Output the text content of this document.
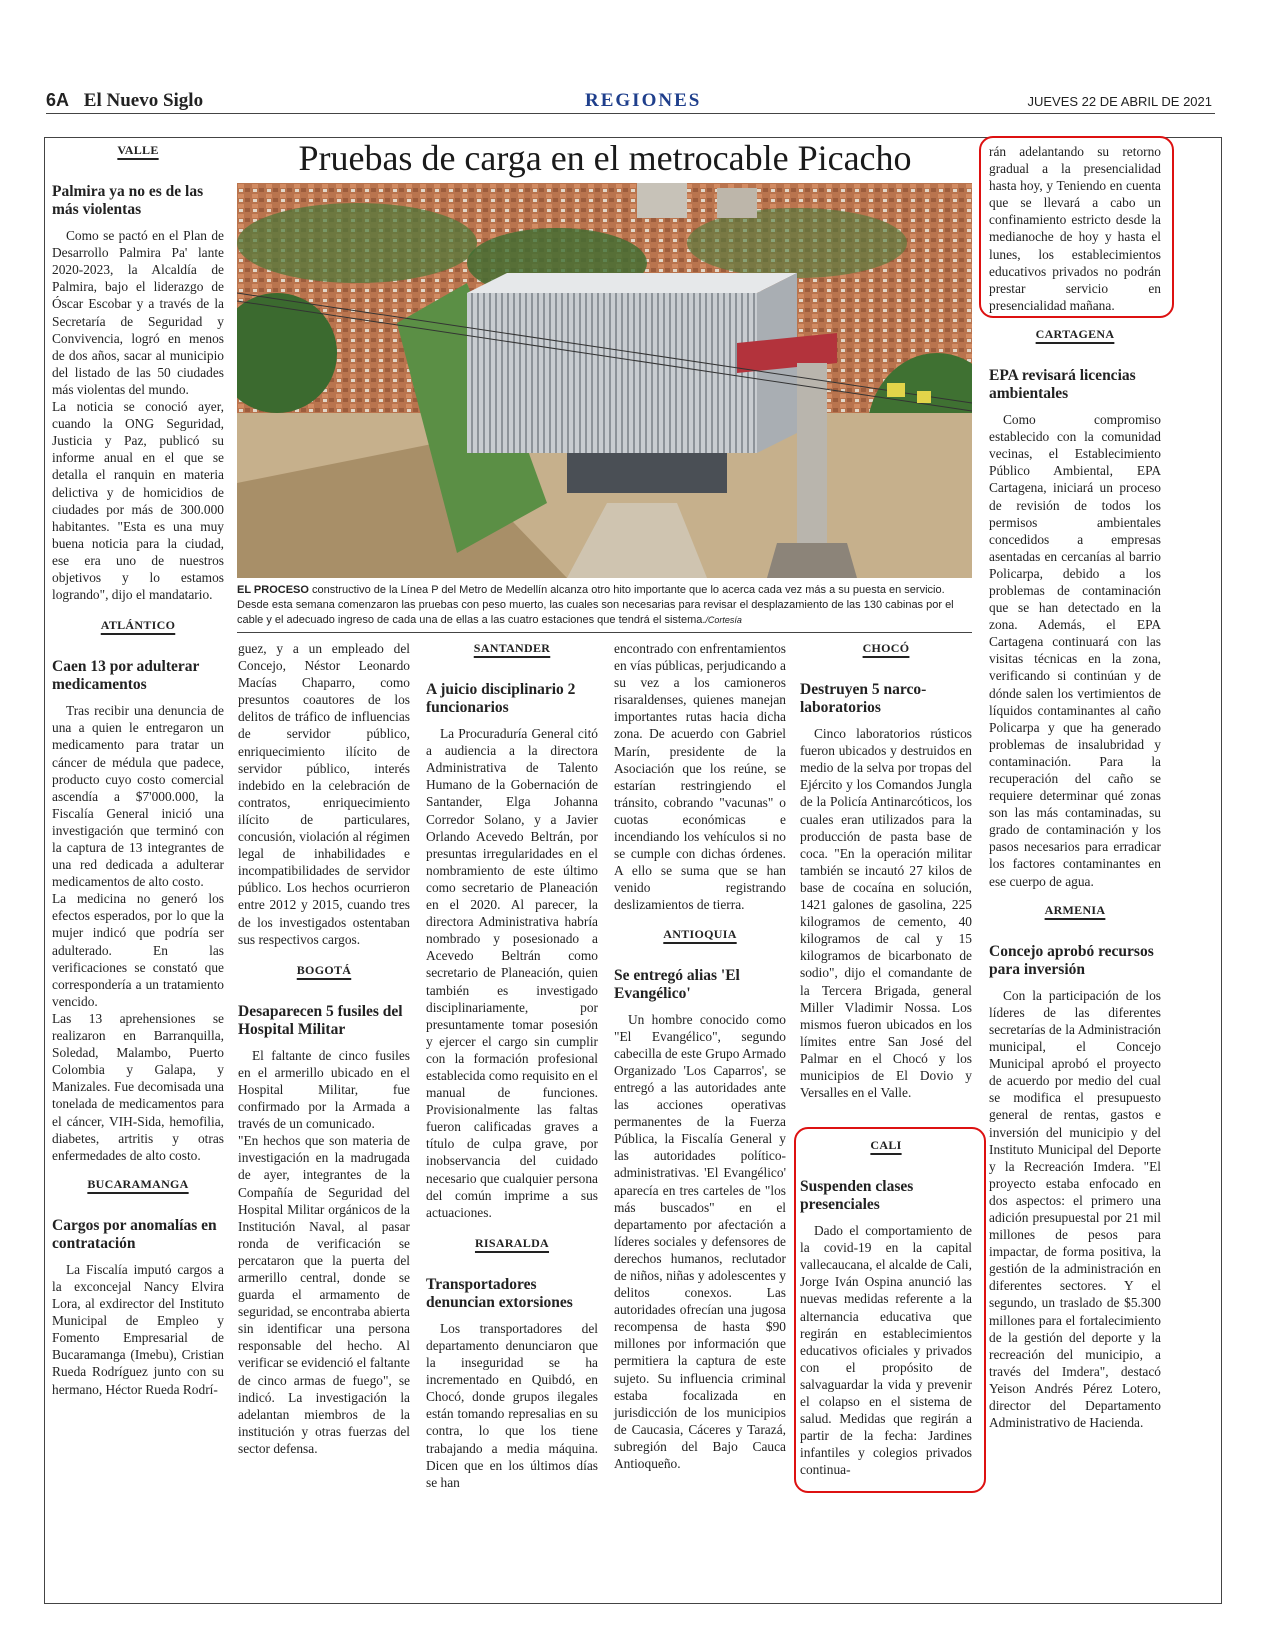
6A El Nuevo Siglo	REGIONES	JUEVES 22 DE ABRIL DE 2021
VALLE
Palmira ya no es de las más violentas

Como se pactó en el Plan de Desarrollo Palmira Pa' lante 2020-2023, la Alcaldía de Palmira, bajo el liderazgo de Óscar Escobar y a través de la Secretaría de Seguridad y Convivencia, logró en menos de dos años, sacar al municipio del listado de las 50 ciudades más violentas del mundo.

La noticia se conoció ayer, cuando la ONG Seguridad, Justicia y Paz, publicó su informe anual en el que se detalla el ranquin en materia delictiva y de homicidios de ciudades por más de 300.000 habitantes. "Esta es una muy buena noticia para la ciudad, ese era uno de nuestros objetivos y lo estamos logrando", dijo el mandatario.

ATLÁNTICO
Caen 13 por adulterar medicamentos

Tras recibir una denuncia de una a quien le entregaron un medicamento para tratar un cáncer de médula que padece, producto cuyo costo comercial ascendía a $7'000.000, la Fiscalía General inició una investigación que terminó con la captura de 13 integrantes de una red dedicada a adulterar medicamentos de alto costo.

La medicina no generó los efectos esperados, por lo que la mujer indicó que podría ser adulterado. En las verificaciones se constató que correspondería a un tratamiento vencido.

Las 13 aprehensiones se realizaron en Barranquilla, Soledad, Malambo, Puerto Colombia y Galapa, y Manizales. Fue decomisada una tonelada de medicamentos para el cáncer, VIH-Sida, hemofilia, diabetes, artritis y otras enfermedades de alto costo.

BUCARAMANGA
Cargos por anomalías en contratación

La Fiscalía imputó cargos a la exconcejal Nancy Elvira Lora, al exdirector del Instituto Municipal de Empleo y Fomento Empresarial de Bucaramanga (Imebu), Cristian Rueda Rodríguez junto con su hermano, Héctor Rueda Rodrí-

Pruebas de carga en el metrocable Picacho
EL PROCESO constructivo de la Línea P del Metro de Medellín alcanza otro hito importante que lo acerca cada vez más a su puesta en servicio. Desde esta semana comenzaron las pruebas con peso muerto, las cuales son necesarias para revisar el desplazamiento de las 130 cabinas por el cable y el adecuado ingreso de cada una de ellas a las cuatro estaciones que tendrá el sistema./Cortesía

guez, y a un empleado del Concejo, Néstor Leonardo Macías Chaparro, como presuntos coautores de los delitos de tráfico de influencias de servidor público, enriquecimiento ilícito de servidor público, interés indebido en la celebración de contratos, enriquecimiento ilícito de particulares, concusión, violación al régimen legal de inhabilidades e incompatibilidades de servidor público. Los hechos ocurrieron entre 2012 y 2015, cuando tres de los investigados ostentaban sus respectivos cargos.

BOGOTÁ
Desaparecen 5 fusiles del Hospital Militar

El faltante de cinco fusiles en el armerillo ubicado en el Hospital Militar, fue confirmado por la Armada a través de un comunicado.

"En hechos que son materia de investigación en la madrugada de ayer, integrantes de la Compañía de Seguridad del Hospital Militar orgánicos de la Institución Naval, al pasar ronda de verificación se percataron que la puerta del armerillo central, donde se guarda el armamento de seguridad, se encontraba abierta sin identificar una persona responsable del hecho. Al verificar se evidenció el faltante de cinco armas de fuego", se indicó. La investigación la adelantan miembros de la institución y otras fuerzas del sector defensa.

SANTANDER
A juicio disciplinario 2 funcionarios

La Procuraduría General citó a audiencia a la directora Administrativa de Talento Humano de la Gobernación de Santander, Elga Johanna Corredor Solano, y a Javier Orlando Acevedo Beltrán, por presuntas irregularidades en el nombramiento de este último como secretario de Planeación en el 2020. Al parecer, la directora Administrativa habría nombrado y posesionado a Acevedo Beltrán como secretario de Planeación, quien también es investigado disciplinariamente, por presuntamente tomar posesión y ejercer el cargo sin cumplir con la formación profesional establecida como requisito en el manual de funciones. Provisionalmente las faltas fueron calificadas graves a título de culpa grave, por inobservancia del cuidado necesario que cualquier persona del común imprime a sus actuaciones.

RISARALDA
Transportadores denuncian extorsiones

Los transportadores del departamento denunciaron que la inseguridad se ha incrementado en Quibdó, en Chocó, donde grupos ilegales están tomando represalias en su contra, lo que los tiene trabajando a media máquina. Dicen que en los últimos días se han

encontrado con enfrentamientos en vías públicas, perjudicando a su vez a los camioneros risaraldenses, quienes manejan importantes rutas hacia dicha zona. De acuerdo con Gabriel Marín, presidente de la Asociación que los reúne, se estarían restringiendo el tránsito, cobrando "vacunas" o cuotas económicas e incendiando los vehículos si no se cumple con dichas órdenes. A ello se suma que se han venido registrando deslizamientos de tierra.

ANTIOQUIA
Se entregó alias 'El Evangélico'

Un hombre conocido como "El Evangélico", segundo cabecilla de este Grupo Armado Organizado 'Los Caparros', se entregó a las autoridades ante las acciones operativas permanentes de la Fuerza Pública, la Fiscalía General y las autoridades político-administrativas. 'El Evangélico' aparecía en tres carteles de "los más buscados" en el departamento por afectación a líderes sociales y defensores de derechos humanos, reclutador de niños, niñas y adolescentes y delitos conexos. Las autoridades ofrecían una jugosa recompensa de hasta $90 millones por información que permitiera la captura de este sujeto. Su influencia criminal estaba focalizada en jurisdicción de los municipios de Caucasia, Cáceres y Tarazá, subregión del Bajo Cauca Antioqueño.

CHOCÓ
Destruyen 5 narco-laboratorios

Cinco laboratorios rústicos fueron ubicados y destruidos en medio de la selva por tropas del Ejército y los Comandos Jungla de la Policía Antinarcóticos, los cuales eran utilizados para la producción de pasta base de coca. "En la operación militar también se incautó 27 kilos de base de cocaína en solución, 1421 galones de gasolina, 225 kilogramos de cemento, 40 kilogramos de cal y 15 kilogramos de bicarbonato de sodio", dijo el comandante de la Tercera Brigada, general Miller Vladimir Nossa. Los mismos fueron ubicados en los límites entre San José del Palmar en el Chocó y los municipios de El Dovio y Versalles en el Valle.

CALI
Suspenden clases presenciales

Dado el comportamiento de la covid-19 en la capital vallecaucana, el alcalde de Cali, Jorge Iván Ospina anunció las nuevas medidas referente a la alternancia educativa que regirán en establecimientos educativos oficiales y privados con el propósito de salvaguardar la vida y prevenir el colapso en el sistema de salud. Medidas que regirán a partir de la fecha: Jardines infantiles y colegios privados continua-

rán adelantando su retorno gradual a la presencialidad hasta hoy, y Teniendo en cuenta que se llevará a cabo un confinamiento estricto desde la medianoche de hoy y hasta el lunes, los establecimientos educativos privados no podrán prestar servicio en presencialidad mañana.

CARTAGENA
EPA revisará licencias ambientales

Como compromiso establecido con la comunidad vecinas, el Establecimiento Público Ambiental, EPA Cartagena, iniciará un proceso de revisión de todos los permisos ambientales concedidos a empresas asentadas en cercanías al barrio Policarpa, debido a los problemas de contaminación que se han detectado en la zona. Además, el EPA Cartagena continuará con las visitas técnicas en la zona, verificando si continúan y de dónde salen los vertimientos de líquidos contaminantes al caño Policarpa y que ha generado problemas de insalubridad y contaminación. Para la recuperación del caño se requiere determinar qué zonas son las más contaminadas, su grado de contaminación y los pasos necesarios para erradicar los factores contaminantes en ese cuerpo de agua.

ARMENIA
Concejo aprobó recursos para inversión

Con la participación de los líderes de las diferentes secretarías de la Administración municipal, el Concejo Municipal aprobó el proyecto de acuerdo por medio del cual se modifica el presupuesto general de rentas, gastos e inversión del municipio y del Instituto Municipal del Deporte y la Recreación Imdera. "El proyecto estaba enfocado en dos aspectos: el primero una adición presupuestal por 21 mil millones de pesos para impactar, de forma positiva, la gestión de la administración en diferentes sectores. Y el segundo, un traslado de $5.300 millones para el fortalecimiento de la gestión del deporte y la recreación del municipio, a través del Imdera", destacó Yeison Andrés Pérez Lotero, director del Departamento Administrativo de Hacienda.
